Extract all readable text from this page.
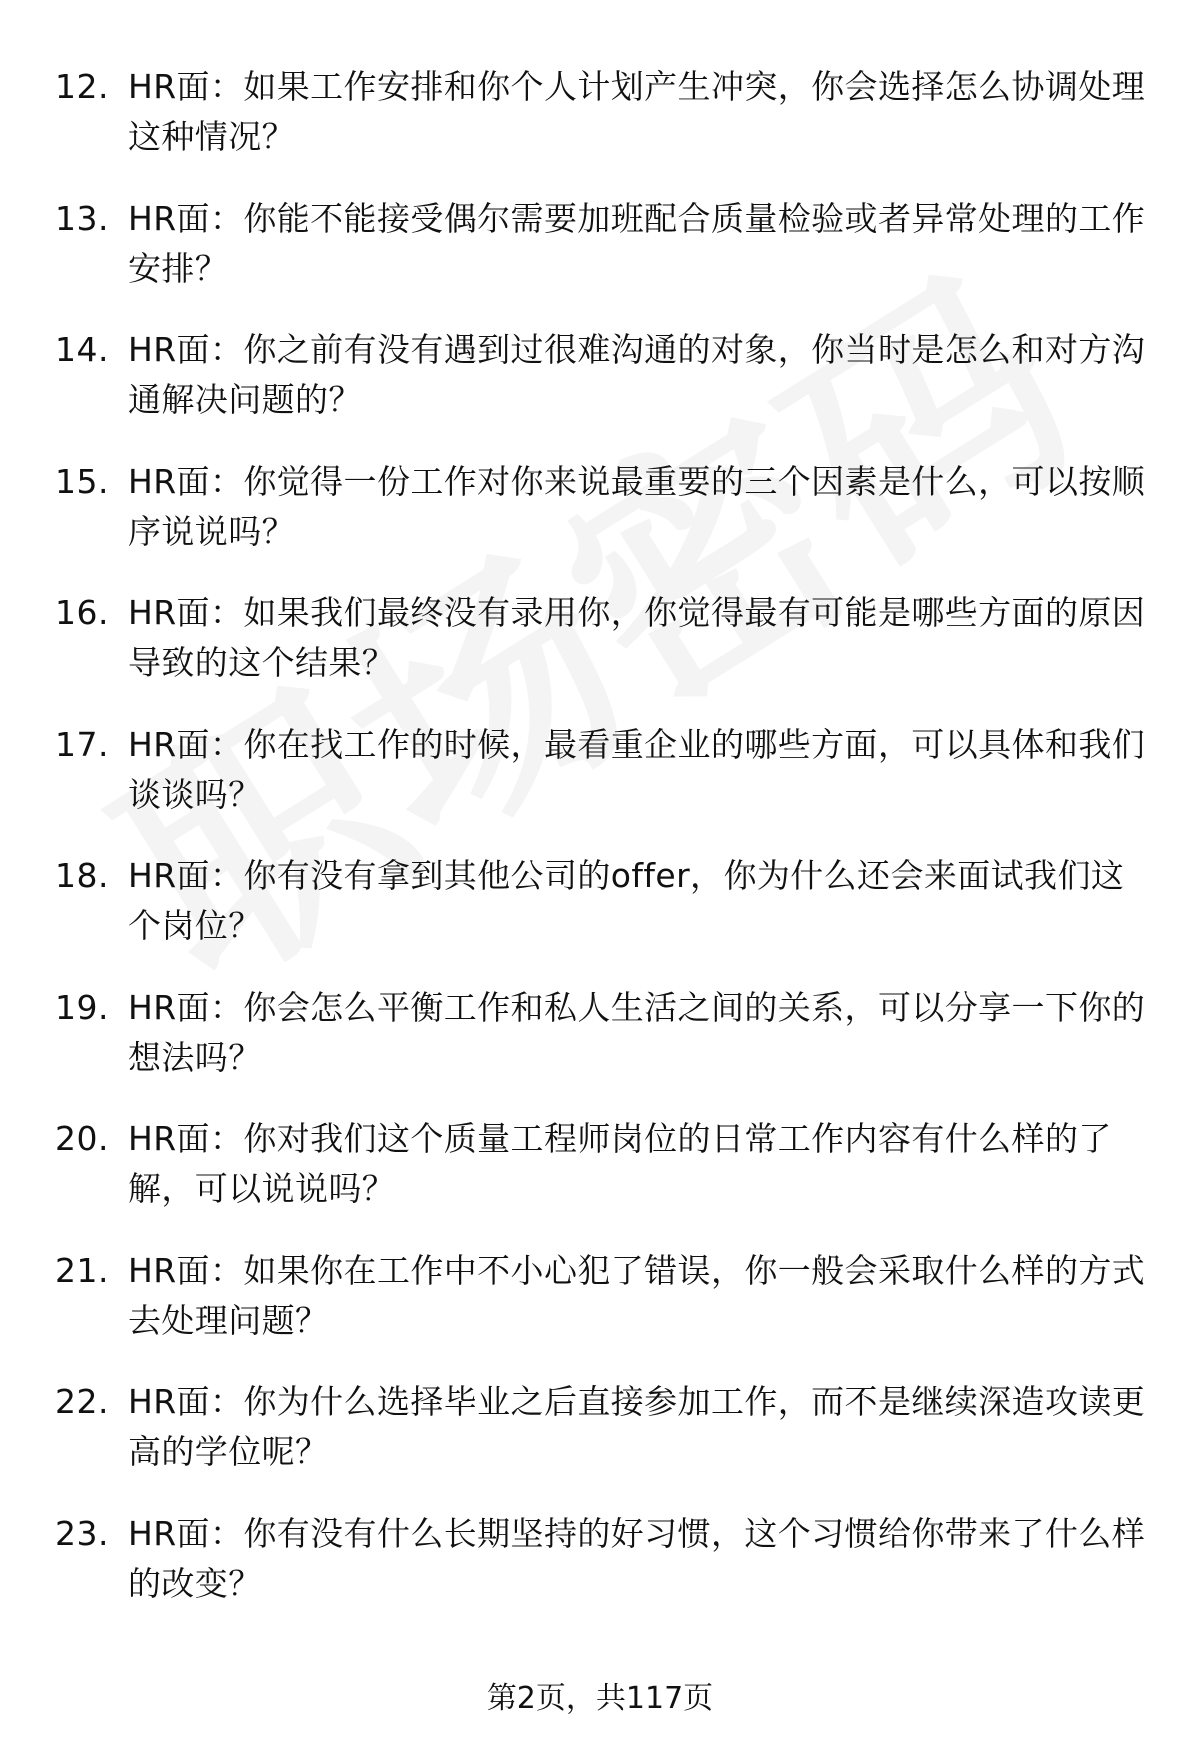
12. HR面：如果工作安排和你个人计划产生冲突，你会选择怎么协调处理这种情况？
13. HR面：你能不能接受偶尔需要加班配合质量检验或者异常处理的工作安排？
14. HR面：你之前有没有遇到过很难沟通的对象，你当时是怎么和对方沟通解决问题的？
15. HR面：你觉得一份工作对你来说最重要的三个因素是什么，可以按顺序说说吗？
16. HR面：如果我们最终没有录用你，你觉得最有可能是哪些方面的原因导致的这个结果？
17. HR面：你在找工作的时候，最看重企业的哪些方面，可以具体和我们谈谈吗？
18. HR面：你有没有拿到其他公司的offer，你为什么还会来面试我们这个岗位？
19. HR面：你会怎么平衡工作和私人生活之间的关系，可以分享一下你的想法吗？
20. HR面：你对我们这个质量工程师岗位的日常工作内容有什么样的了解，可以说说吗？
21. HR面：如果你在工作中不小心犯了错误，你一般会采取什么样的方式去处理问题？
22. HR面：你为什么选择毕业之后直接参加工作，而不是继续深造攻读更高的学位呢？
23. HR面：你有没有什么长期坚持的好习惯，这个习惯给你带来了什么样的改变？
第2页，共117页
